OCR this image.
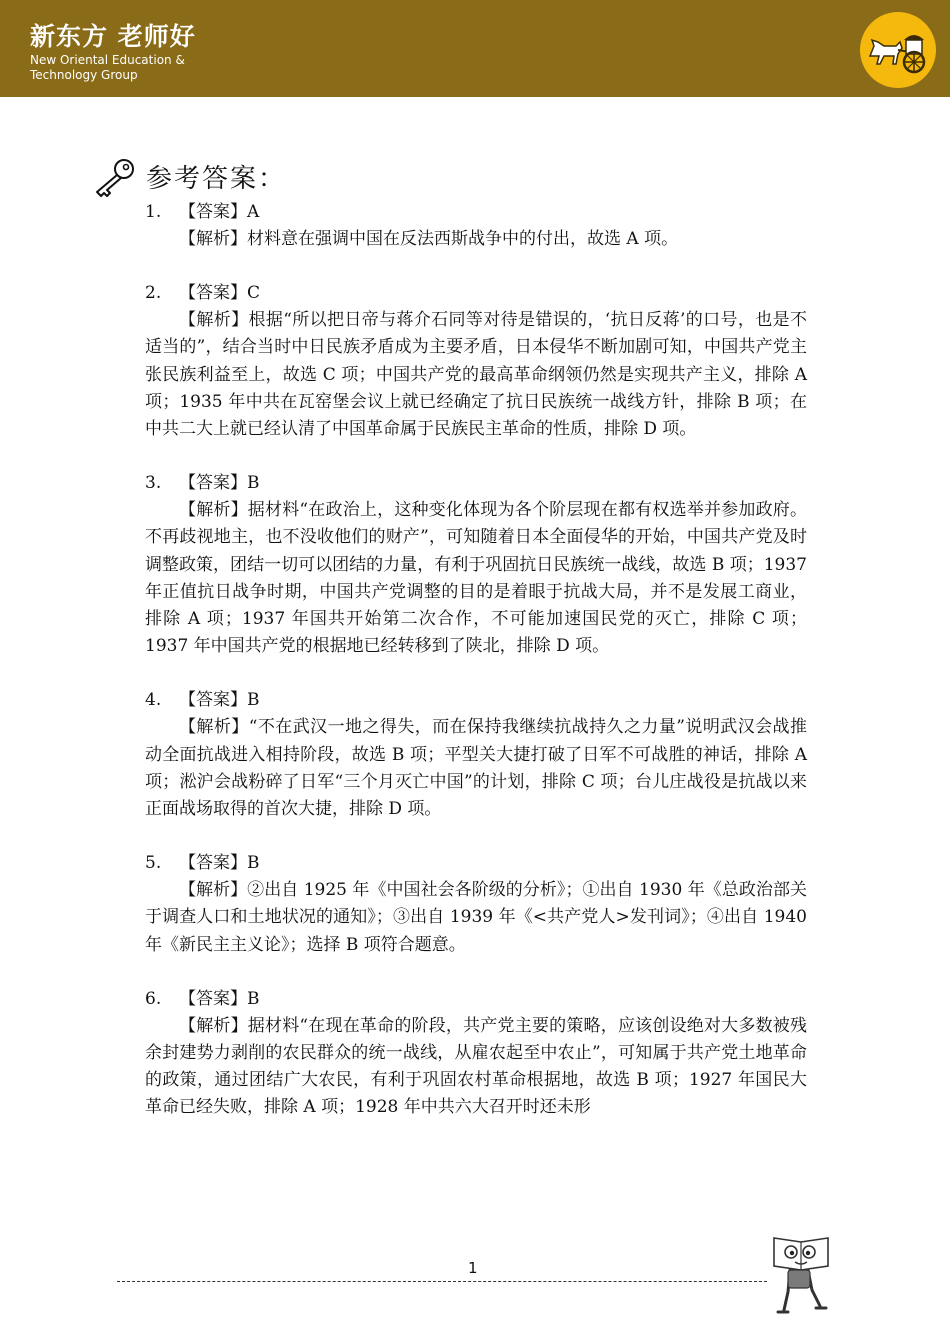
新东方 老师好
New Oriental Education &
Technology Group
参考答案：
1. 【答案】A
【解析】材料意在强调中国在反法西斯战争中的付出，故选 A 项。
2. 【答案】C
【解析】根据“所以把日帝与蒋介石同等对待是错误的，‘抗日反蒋’的口号，也是不适当的”，结合当时中日民族矛盾成为主要矛盾，日本侵华不断加剧可知，中国共产党主张民族利益至上，故选 C 项；中国共产党的最高革命纲领仍然是实现共产主义，排除 A 项；1935 年中共在瓦窑堡会议上就已经确定了抗日民族统一战线方针，排除 B 项；在中共二大上就已经认清了中国革命属于民族民主革命的性质，排除 D 项。
3. 【答案】B
【解析】据材料“在政治上，这种变化体现为各个阶层现在都有权选举并参加政府。不再歧视地主，也不没收他们的财产”，可知随着日本全面侵华的开始，中国共产党及时调整政策，团结一切可以团结的力量，有利于巩固抗日民族统一战线，故选 B 项；1937 年正值抗日战争时期，中国共产党调整的目的是着眼于抗战大局，并不是发展工商业，排除 A 项；1937 年国共开始第二次合作，不可能加速国民党的灭亡，排除 C 项；1937 年中国共产党的根据地已经转移到了陕北，排除 D 项。
4. 【答案】B
【解析】“不在武汉一地之得失，而在保持我继续抗战持久之力量”说明武汉会战推动全面抗战进入相持阶段，故选 B 项；平型关大捷打破了日军不可战胜的神话，排除 A 项；淞沪会战粉碎了日军“三个月灭亡中国”的计划，排除 C 项；台儿庄战役是抗战以来正面战场取得的首次大捷，排除 D 项。
5. 【答案】B
【解析】②出自 1925 年《中国社会各阶级的分析》；①出自 1930 年《总政治部关于调查人口和土地状况的通知》；③出自 1939 年《<共产党人>发刊词》；④出自 1940 年《新民主主义论》；选择 B 项符合题意。
6. 【答案】B
【解析】据材料“在现在革命的阶段，共产党主要的策略，应该创设绝对大多数被残余封建势力剥削的农民群众的统一战线，从雇农起至中农止”，可知属于共产党土地革命的政策，通过团结广大农民，有利于巩固农村革命根据地，故选 B 项；1927 年国民大革命已经失败，排除 A 项；1928 年中共六大召开时还未形
1
